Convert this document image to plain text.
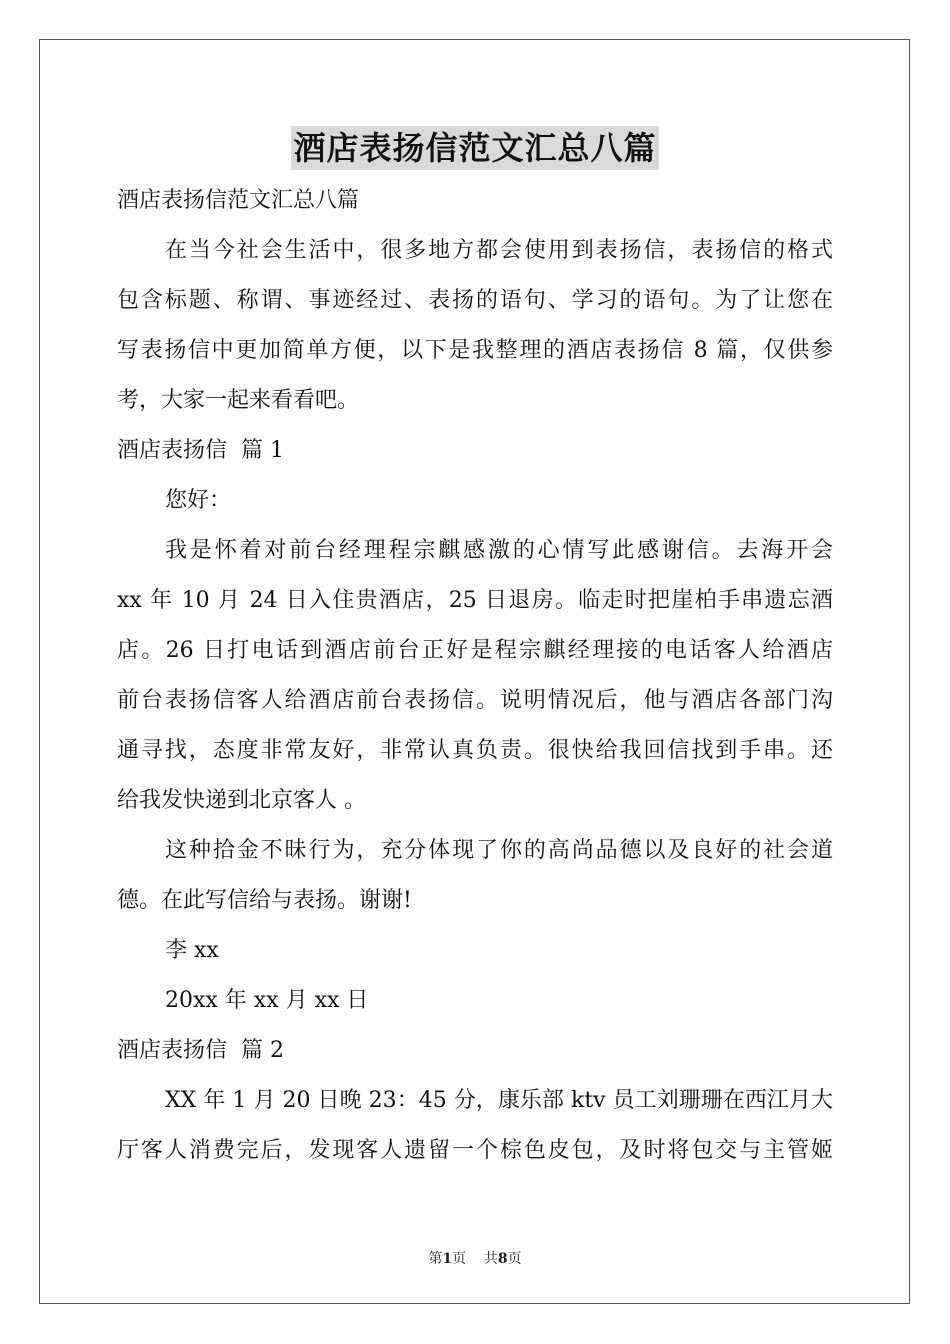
酒店表扬信范文汇总八篇

酒店表扬信范文汇总八篇

在当今社会生活中，很多地方都会使用到表扬信，表扬信的格式
包含标题、称谓、事迹经过、表扬的语句、学习的语句。为了让您在
写表扬信中更加简单方便，以下是我整理的酒店表扬信 8 篇，仅供参
考，大家一起来看看吧。

酒店表扬信  篇 1

您好：

我是怀着对前台经理程宗麒感激的心情写此感谢信。去海开会
xx 年 10 月 24 日入住贵酒店，25 日退房。临走时把崖柏手串遗忘酒
店。26 日打电话到酒店前台正好是程宗麒经理接的电话客人给酒店
前台表扬信客人给酒店前台表扬信。说明情况后，他与酒店各部门沟
通寻找，态度非常友好，非常认真负责。很快给我回信找到手串。还
给我发快递到北京客人 。

这种拾金不昧行为，充分体现了你的高尚品德以及良好的社会道
德。在此写信给与表扬。谢谢!

李 xx

20xx 年 xx 月 xx 日

酒店表扬信  篇 2

XX 年 1 月 20 日晚 23：45 分，康乐部 ktv 员工刘珊珊在西江月大
厅客人消费完后，发现客人遗留一个棕色皮包，及时将包交与主管姬

第1页 共8页
